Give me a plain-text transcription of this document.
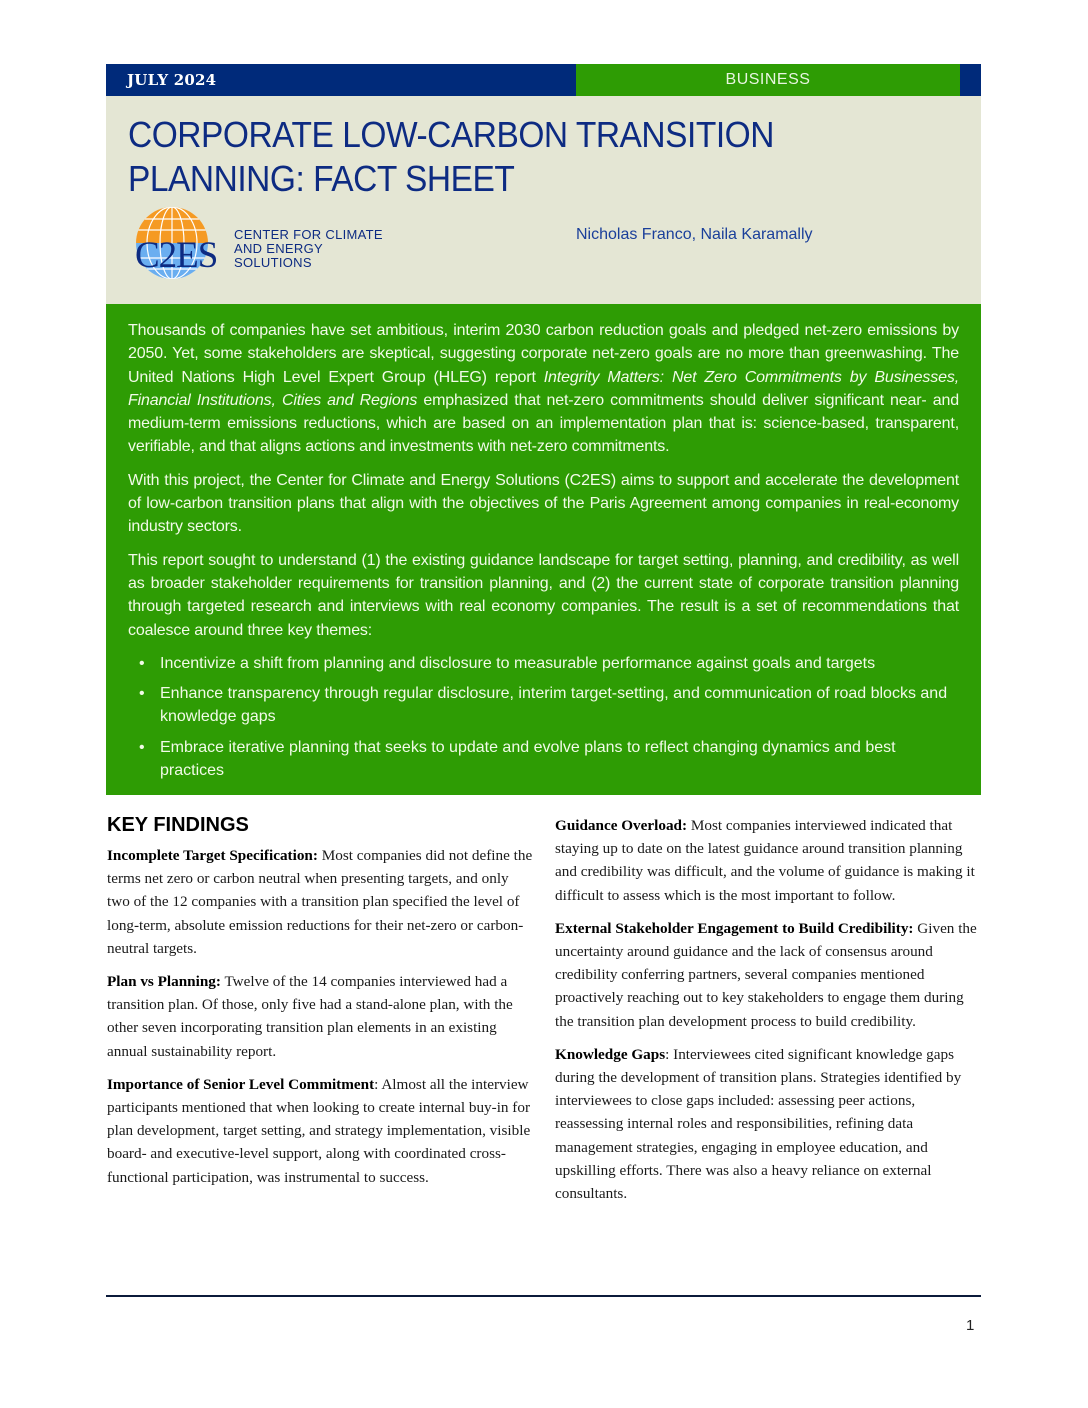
JULY 2024	BUSINESS
CORPORATE LOW-CARBON TRANSITION
PLANNING: FACT SHEET
C2ES
CENTER FOR CLIMATE
AND ENERGY SOLUTIONS
Nicholas Franco, Naila Karamally

Thousands of companies have set ambitious, interim 2030 carbon reduction goals and pledged net-zero emissions by 2050. Yet, some stakeholders are skeptical, suggesting corporate net-zero goals are no more than greenwashing. The United Nations High Level Expert Group (HLEG) report Integrity Matters: Net Zero Commitments by Businesses, Financial Institutions, Cities and Regions emphasized that net-zero commitments should deliver significant near- and medium-term emissions reductions, which are based on an implementation plan that is: science-based, transparent, verifiable, and that aligns actions and investments with net-zero commitments.

With this project, the Center for Climate and Energy Solutions (C2ES) aims to support and accelerate the development of low-carbon transition plans that align with the objectives of the Paris Agreement among companies in real-economy industry sectors.

This report sought to understand (1) the existing guidance landscape for target setting, planning, and credibility, as well as broader stakeholder requirements for transition planning, and (2) the current state of corporate transition planning through targeted research and interviews with real economy companies. The result is a set of recommendations that coalesce around three key themes:

• Incentivize a shift from planning and disclosure to measurable performance against goals and targets
• Enhance transparency through regular disclosure, interim target-setting, and communication of road blocks and knowledge gaps
• Embrace iterative planning that seeks to update and evolve plans to reflect changing dynamics and best practices
KEY FINDINGS

Incomplete Target Specification: Most companies did not define the terms net zero or carbon neutral when presenting targets, and only two of the 12 companies with a transition plan specified the level of long-term, absolute emission reductions for their net-zero or carbon-neutral targets.

Plan vs Planning: Twelve of the 14 companies interviewed had a transition plan. Of those, only five had a stand-alone plan, with the other seven incorporating transition plan elements in an existing annual sustainability report.

Importance of Senior Level Commitment: Almost all the interview participants mentioned that when looking to create internal buy-in for plan development, target setting, and strategy implementation, visible board- and executive-level support, along with coordinated cross-functional participation, was instrumental to success.

Guidance Overload: Most companies interviewed indicated that staying up to date on the latest guidance around transition planning and credibility was difficult, and the volume of guidance is making it difficult to assess which is the most important to follow.

External Stakeholder Engagement to Build Credibility: Given the uncertainty around guidance and the lack of consensus around credibility conferring partners, several companies mentioned proactively reaching out to key stakeholders to engage them during the transition plan development process to build credibility.

Knowledge Gaps: Interviewees cited significant knowledge gaps during the development of transition plans. Strategies identified by interviewees to close gaps included: assessing peer actions, reassessing internal roles and responsibilities, refining data management strategies, engaging in employee education, and upskilling efforts. There was also a heavy reliance on external consultants.

1
